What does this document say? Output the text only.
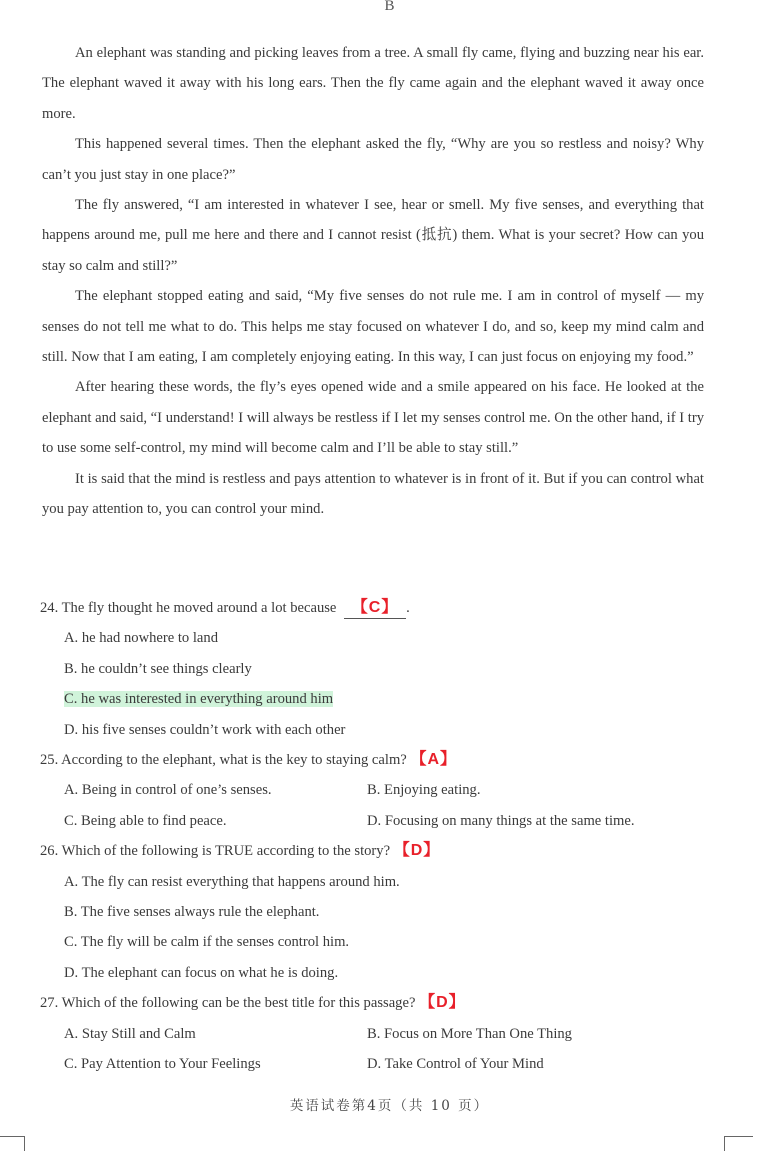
B

An elephant was standing and picking leaves from a tree. A small fly came, flying and buzzing near his ear. The elephant waved it away with his long ears. Then the fly came again and the elephant waved it away once more.

This happened several times. Then the elephant asked the fly, “Why are you so restless and noisy? Why can’t you just stay in one place?”

The fly answered, “I am interested in whatever I see, hear or smell. My five senses, and everything that happens around me, pull me here and there and I cannot resist (抵抗) them. What is your secret? How can you stay so calm and still?”

The elephant stopped eating and said, “My five senses do not rule me. I am in control of myself — my senses do not tell me what to do. This helps me stay focused on whatever I do, and so, keep my mind calm and still. Now that I am eating, I am completely enjoying eating. In this way, I can just focus on enjoying my food.”

After hearing these words, the fly’s eyes opened wide and a smile appeared on his face. He looked at the elephant and said, “I understand! I will always be restless if I let my senses control me. On the other hand, if I try to use some self-control, my mind will become calm and I’ll be able to stay still.”

It is said that the mind is restless and pays attention to whatever is in front of it. But if you can control what you pay attention to, you can control your mind.

24. The fly thought he moved around a lot because 【C】 .

A. he had nowhere to land
B. he couldn’t see things clearly
C. he was interested in everything around him
D. his five senses couldn’t work with each other

25. According to the elephant, what is the key to staying calm? 【A】

A. Being in control of one’s senses.	B. Enjoying eating.
C. Being able to find peace.	D. Focusing on many things at the same time.

26. Which of the following is TRUE according to the story? 【D】

A. The fly can resist everything that happens around him.
B. The five senses always rule the elephant.
C. The fly will be calm if the senses control him.
D. The elephant can focus on what he is doing.

27. Which of the following can be the best title for this passage? 【D】

A. Stay Still and Calm	B. Focus on More Than One Thing
C. Pay Attention to Your Feelings	D. Take Control of Your Mind
英语试卷第4页（共 10 页）
